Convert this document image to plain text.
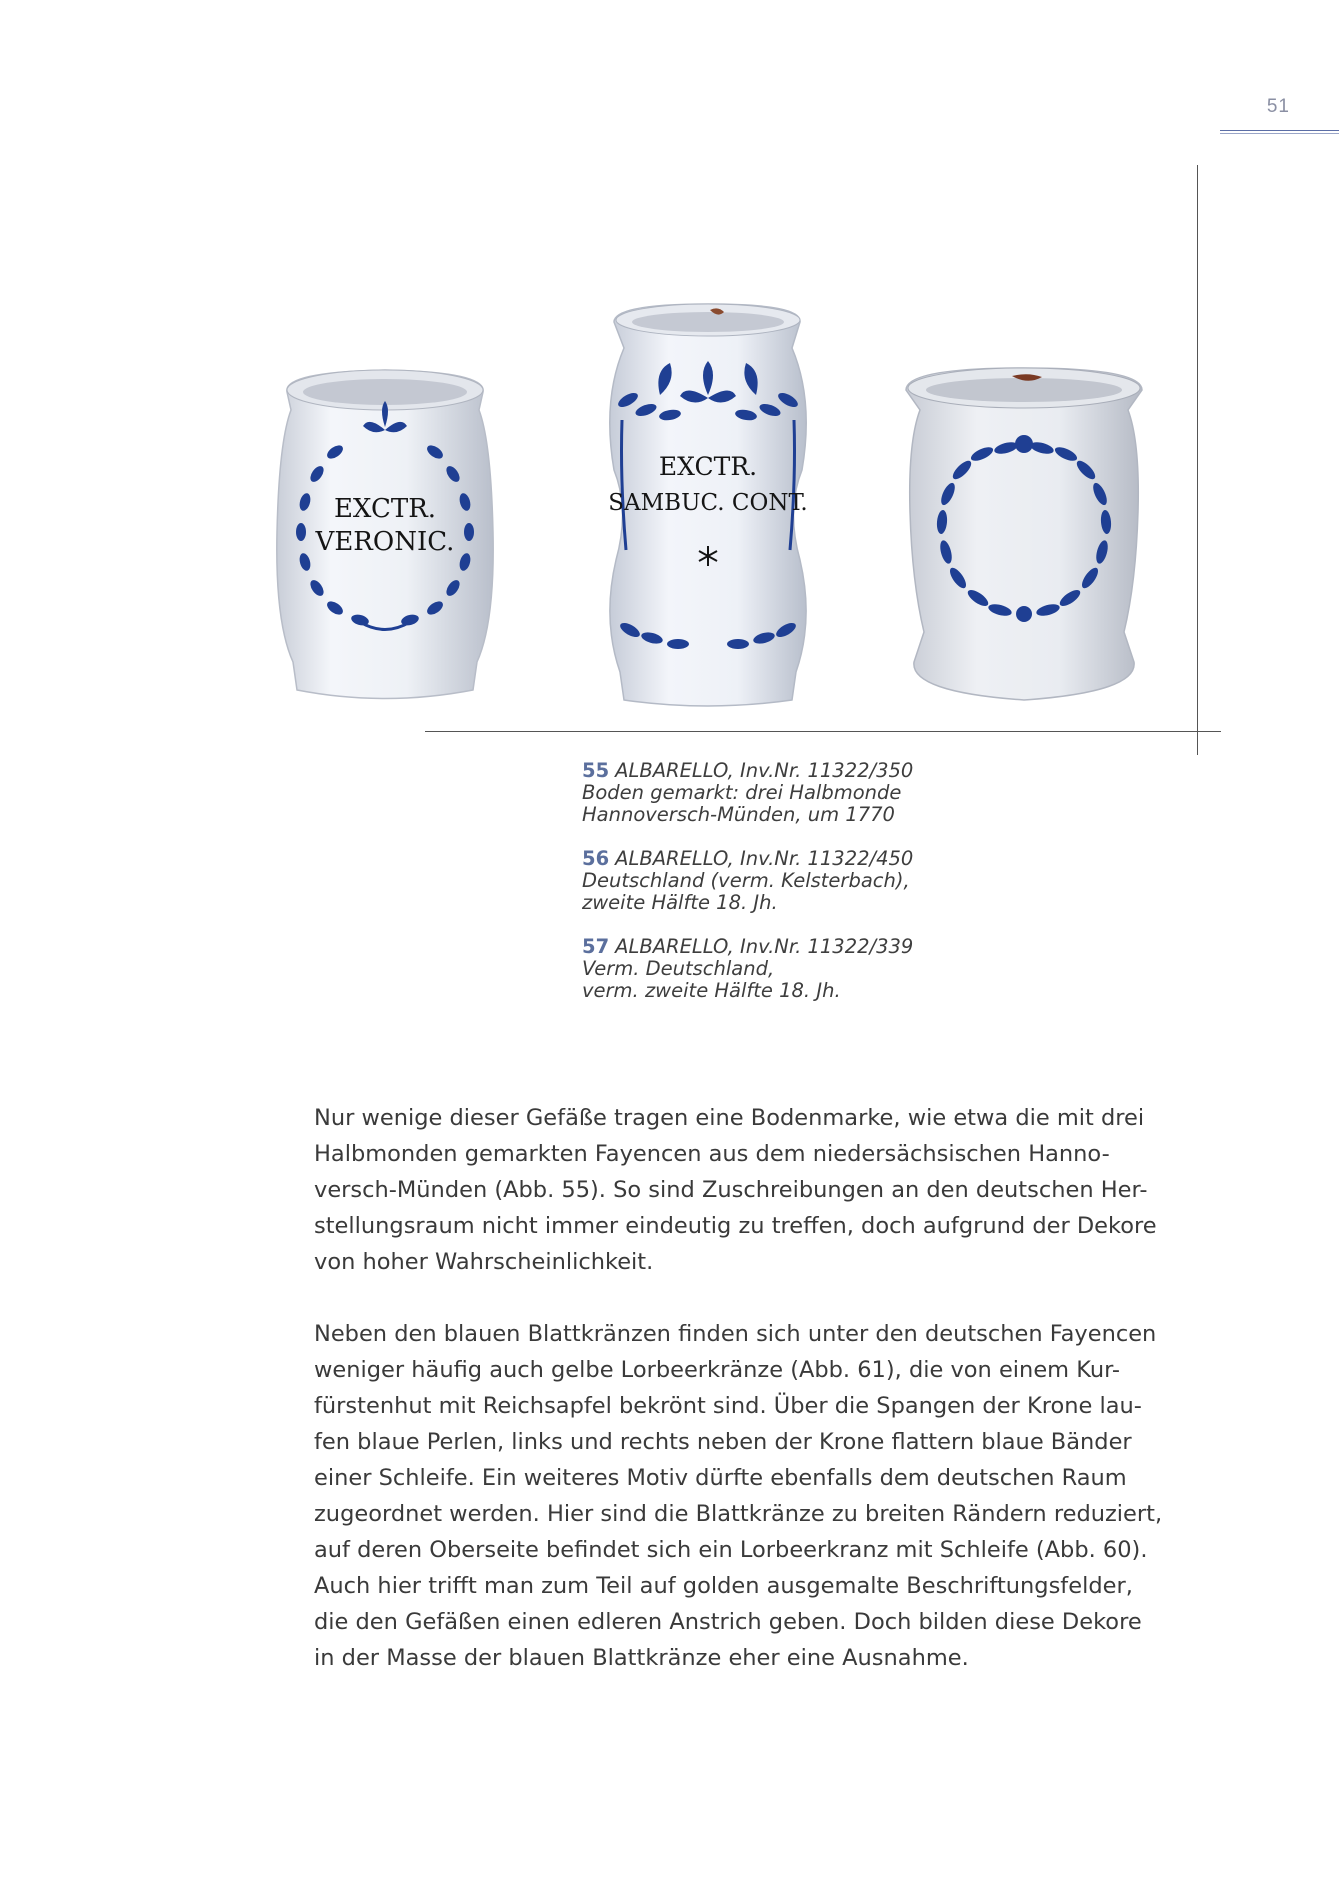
51
EXCTR.
VERONIC.
EXCTR.
SAMBUC. CONT.
55 ALBARELLO, Inv.Nr. 11322/350
Boden gemarkt: drei Halbmonde
Hannoversch-Münden, um 1770
56 ALBARELLO, Inv.Nr. 11322/450
Deutschland (verm. Kelsterbach),
zweite Hälfte 18. Jh.
57 ALBARELLO, Inv.Nr. 11322/339
Verm. Deutschland,
verm. zweite Hälfte 18. Jh.

Nur wenige dieser Gefäße tragen eine Bodenmarke, wie etwa die mit drei
Halbmonden gemarkten Fayencen aus dem niedersächsischen Hanno-
versch-Münden (Abb. 55). So sind Zuschreibungen an den deutschen Her-
stellungsraum nicht immer eindeutig zu treffen, doch aufgrund der Dekore
von hoher Wahrscheinlichkeit.

Neben den blauen Blattkränzen finden sich unter den deutschen Fayencen
weniger häufig auch gelbe Lorbeerkränze (Abb. 61), die von einem Kur-
fürstenhut mit Reichsapfel bekrönt sind. Über die Spangen der Krone lau-
fen blaue Perlen, links und rechts neben der Krone flattern blaue Bänder
einer Schleife. Ein weiteres Motiv dürfte ebenfalls dem deutschen Raum
zugeordnet werden. Hier sind die Blattkränze zu breiten Rändern reduziert,
auf deren Oberseite befindet sich ein Lorbeerkranz mit Schleife (Abb. 60).
Auch hier trifft man zum Teil auf golden ausgemalte Beschriftungsfelder,
die den Gefäßen einen edleren Anstrich geben. Doch bilden diese Dekore
in der Masse der blauen Blattkränze eher eine Ausnahme.
